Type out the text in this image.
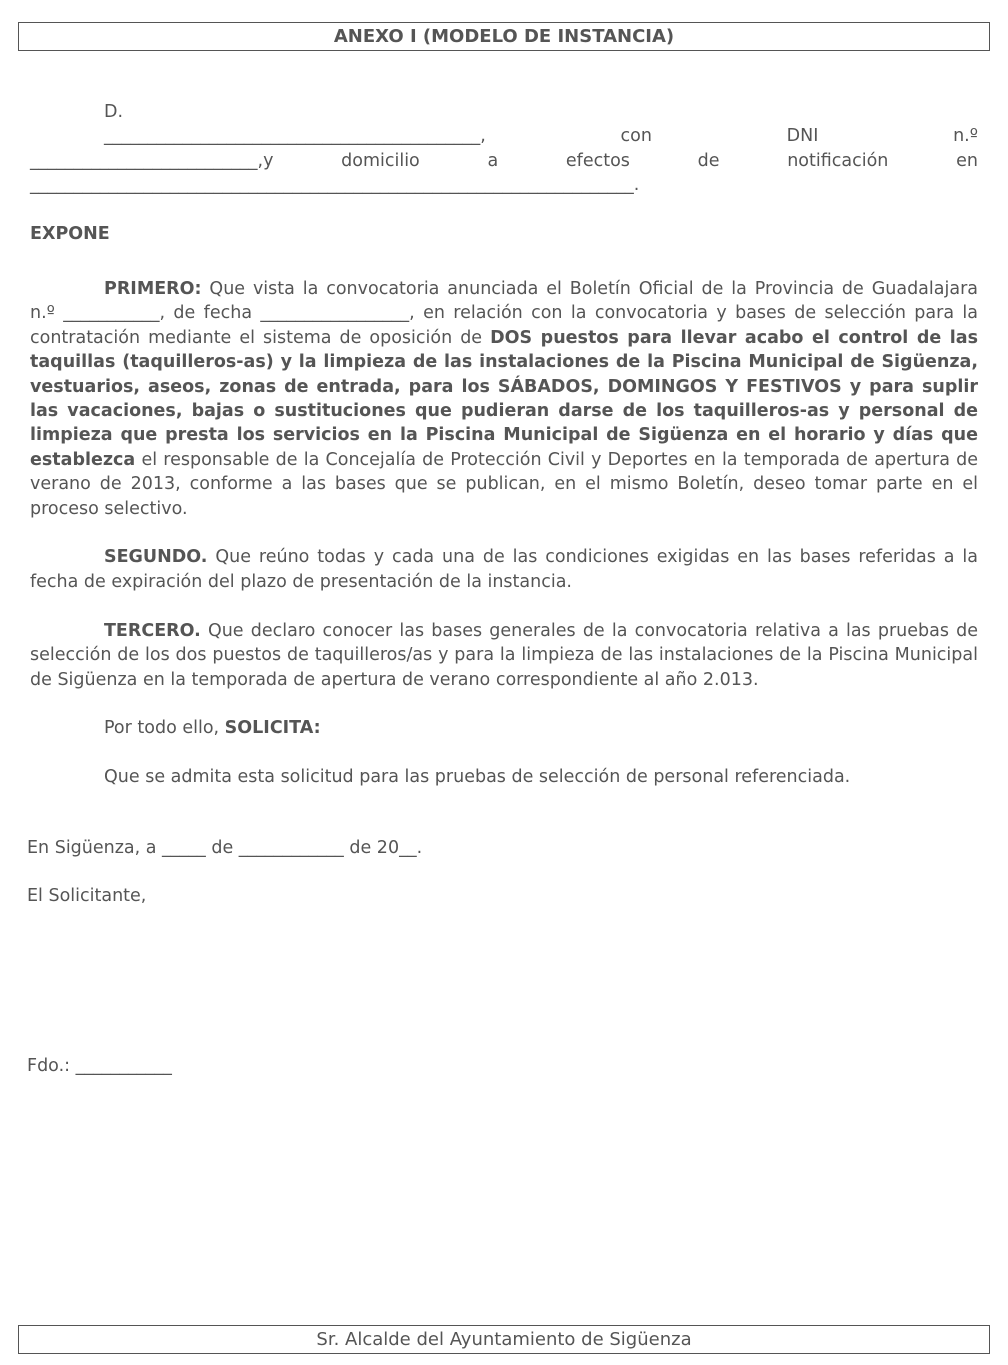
ANEXO I (MODELO DE INSTANCIA)
D.
___________________________________________,	con	DNI	n.º
__________________________,y	domicilio	a	efectos	de	notificación	en
_____________________________________________________________________.

EXPONE

PRIMERO: Que vista la convocatoria anunciada el Boletín Oficial de la Provincia de Guadalajara n.º ___________, de fecha _________________, en relación con la convocatoria y bases de selección para la contratación mediante el sistema de oposición de DOS puestos para llevar acabo el control de las taquillas (taquilleros-as) y la limpieza de las instalaciones de la Piscina Municipal de Sigüenza, vestuarios, aseos, zonas de entrada, para los SÁBADOS, DOMINGOS Y FESTIVOS y para suplir las vacaciones, bajas o sustituciones que pudieran darse de los taquilleros-as y personal de limpieza que presta los servicios en la Piscina Municipal de Sigüenza en el horario y días que establezca el responsable de la Concejalía de Protección Civil y Deportes en la temporada de apertura de verano de 2013, conforme a las bases que se publican, en el mismo Boletín, deseo tomar parte en el proceso selectivo.

SEGUNDO. Que reúno todas y cada una de las condiciones exigidas en las bases referidas a la fecha de expiración del plazo de presentación de la instancia.

TERCERO. Que declaro conocer las bases generales de la convocatoria relativa a las pruebas de selección de los dos puestos de taquilleros/as y para la limpieza de las instalaciones de la Piscina Municipal de Sigüenza en la temporada de apertura de verano correspondiente al año 2.013.

Por todo ello, SOLICITA:

Que se admita esta solicitud para las pruebas de selección de personal referenciada.

En Sigüenza, a _____ de ____________ de 20__.
El Solicitante,
Fdo.: ___________
Sr. Alcalde del Ayuntamiento de Sigüenza
